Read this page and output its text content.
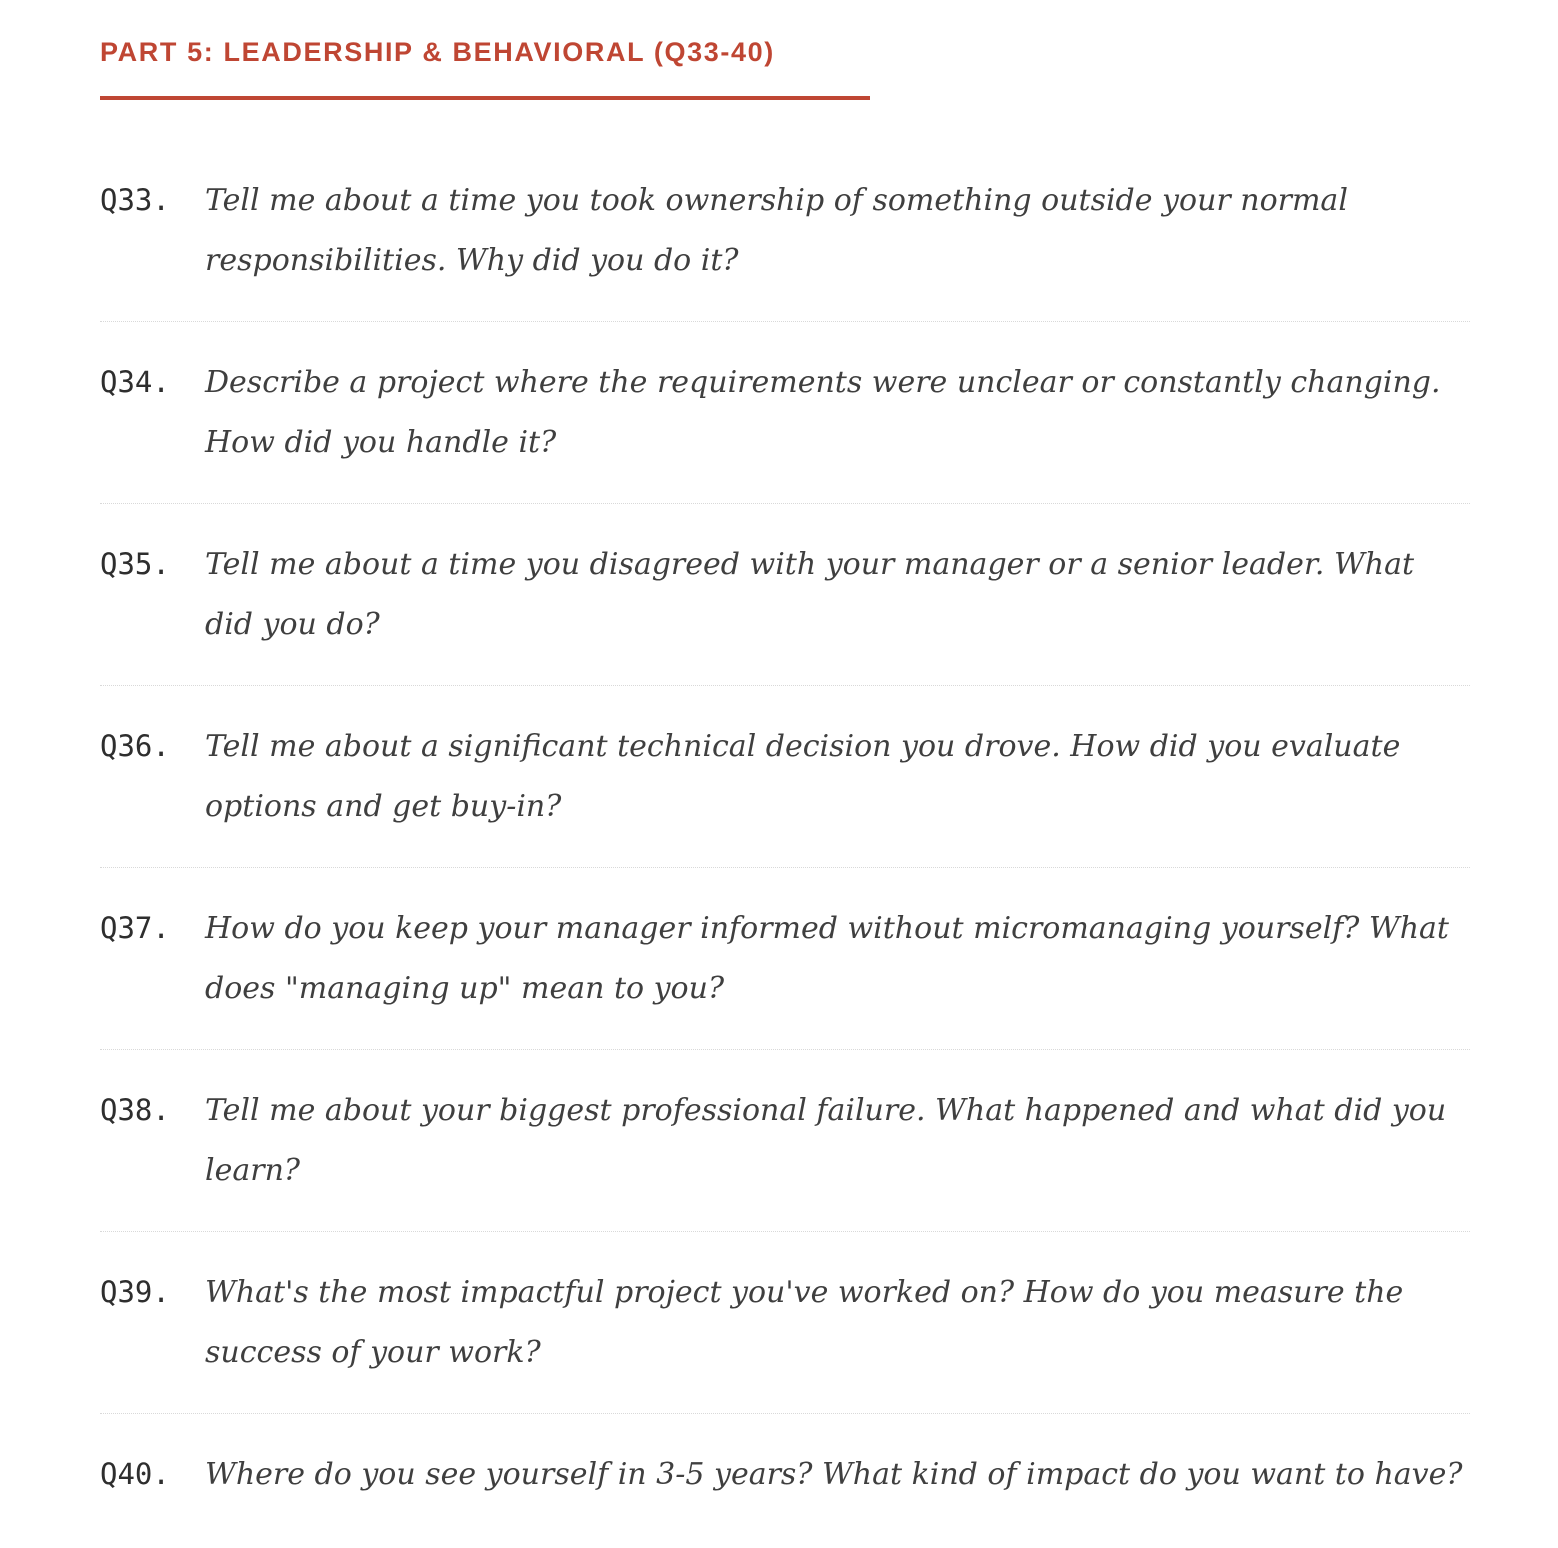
PART 5: LEADERSHIP & BEHAVIORAL (Q33-40)
Q33.	Tell me about a time you took ownership of something outside your normal responsibilities. Why did you do it?

Q34.	Describe a project where the requirements were unclear or constantly changing. How did you handle it?

Q35.	Tell me about a time you disagreed with your manager or a senior leader. What did you do?

Q36.	Tell me about a significant technical decision you drove. How did you evaluate options and get buy-in?

Q37.	How do you keep your manager informed without micromanaging yourself? What does "managing up" mean to you?

Q38.	Tell me about your biggest professional failure. What happened and what did you learn?

Q39.	What's the most impactful project you've worked on? How do you measure the success of your work?

Q40.	Where do you see yourself in 3-5 years? What kind of impact do you want to have?
